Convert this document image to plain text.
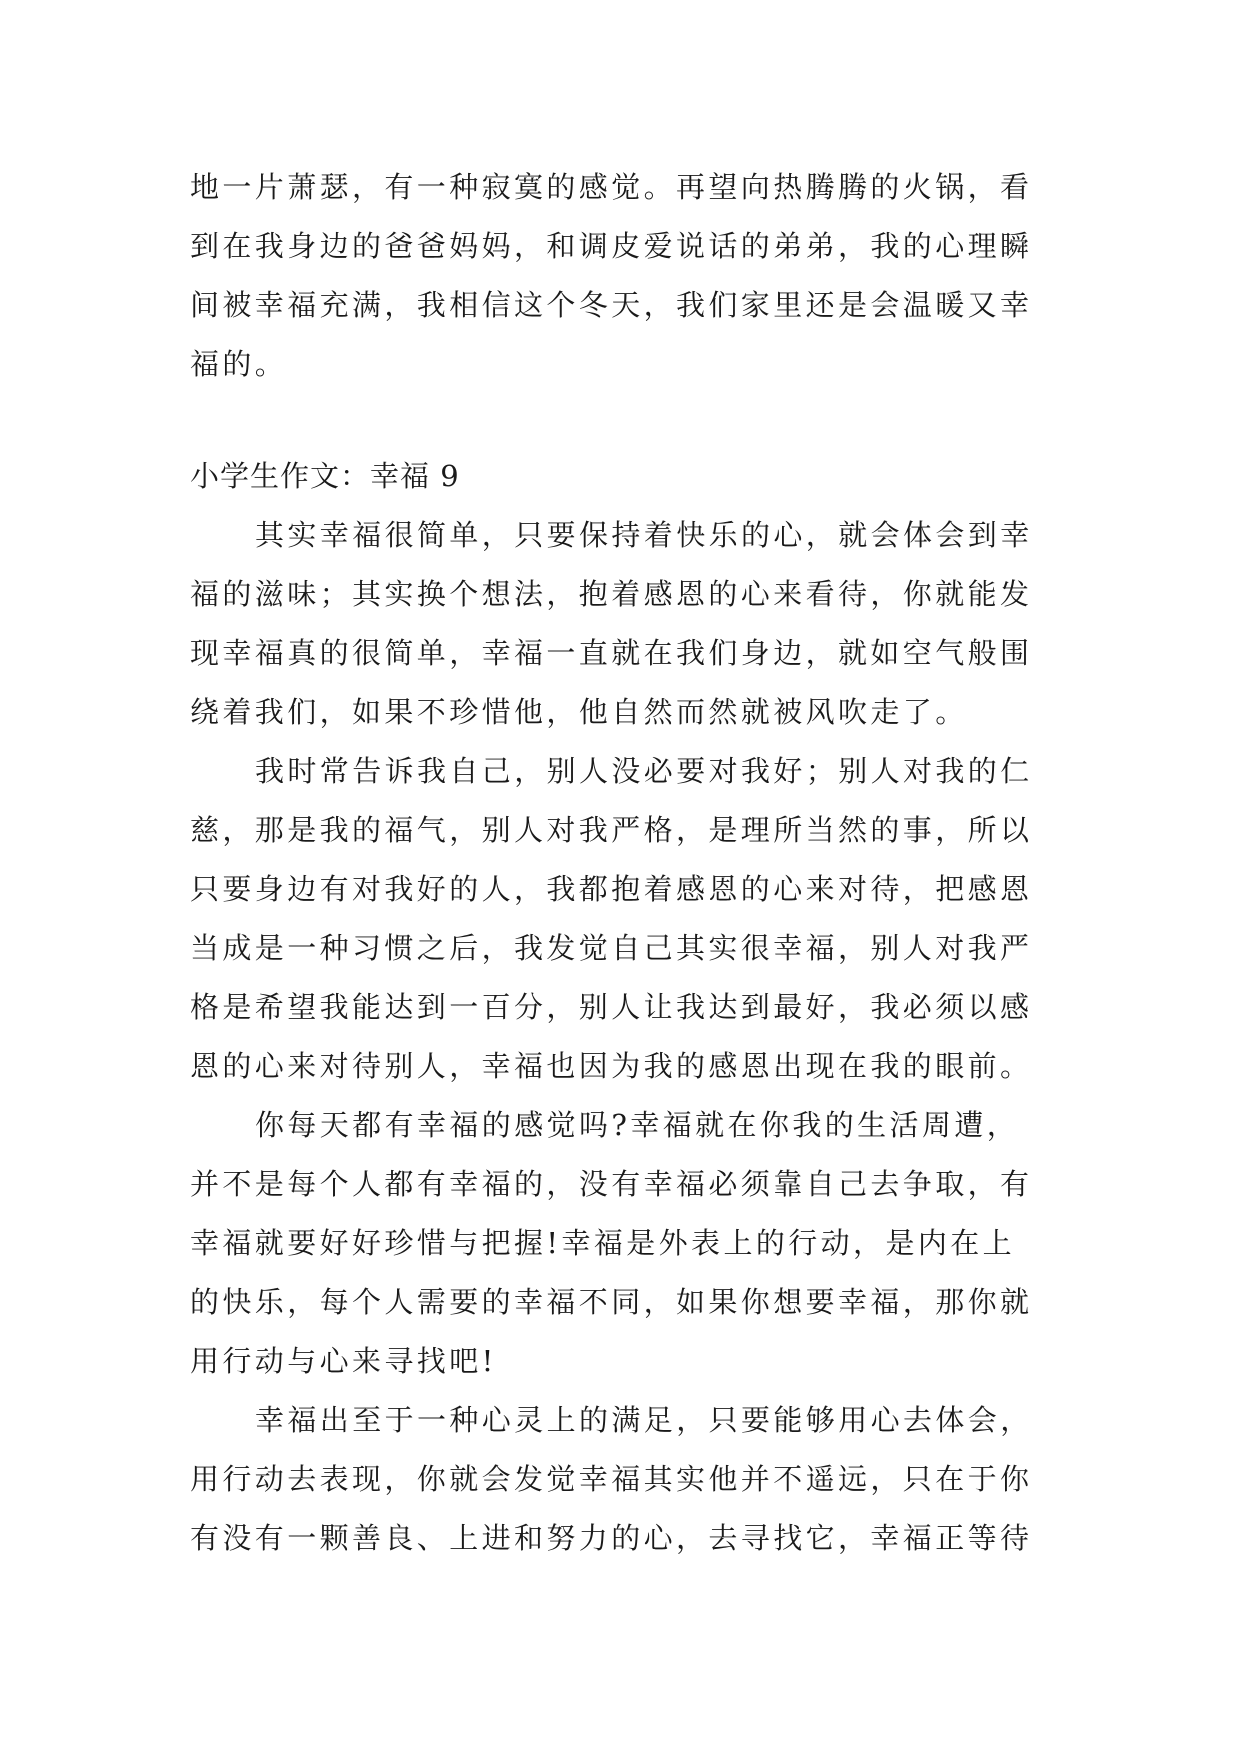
地一片萧瑟，有一种寂寞的感觉。再望向热腾腾的火锅，看
到在我身边的爸爸妈妈，和调皮爱说话的弟弟，我的心理瞬
间被幸福充满，我相信这个冬天，我们家里还是会温暖又幸
福的。
小学生作文：幸福 9
其实幸福很简单，只要保持着快乐的心，就会体会到幸
福的滋味；其实换个想法，抱着感恩的心来看待，你就能发
现幸福真的很简单，幸福一直就在我们身边，就如空气般围
绕着我们，如果不珍惜他，他自然而然就被风吹走了。
我时常告诉我自己，别人没必要对我好；别人对我的仁
慈，那是我的福气，别人对我严格，是理所当然的事，所以
只要身边有对我好的人，我都抱着感恩的心来对待，把感恩
当成是一种习惯之后，我发觉自己其实很幸福，别人对我严
格是希望我能达到一百分，别人让我达到最好，我必须以感
恩的心来对待别人，幸福也因为我的感恩出现在我的眼前。
你每天都有幸福的感觉吗?幸福就在你我的生活周遭，
并不是每个人都有幸福的，没有幸福必须靠自己去争取，有
幸福就要好好珍惜与把握!幸福是外表上的行动，是内在上
的快乐，每个人需要的幸福不同，如果你想要幸福，那你就
用行动与心来寻找吧!
幸福出至于一种心灵上的满足，只要能够用心去体会，
用行动去表现，你就会发觉幸福其实他并不遥远，只在于你
有没有一颗善良、上进和努力的心，去寻找它，幸福正等待
